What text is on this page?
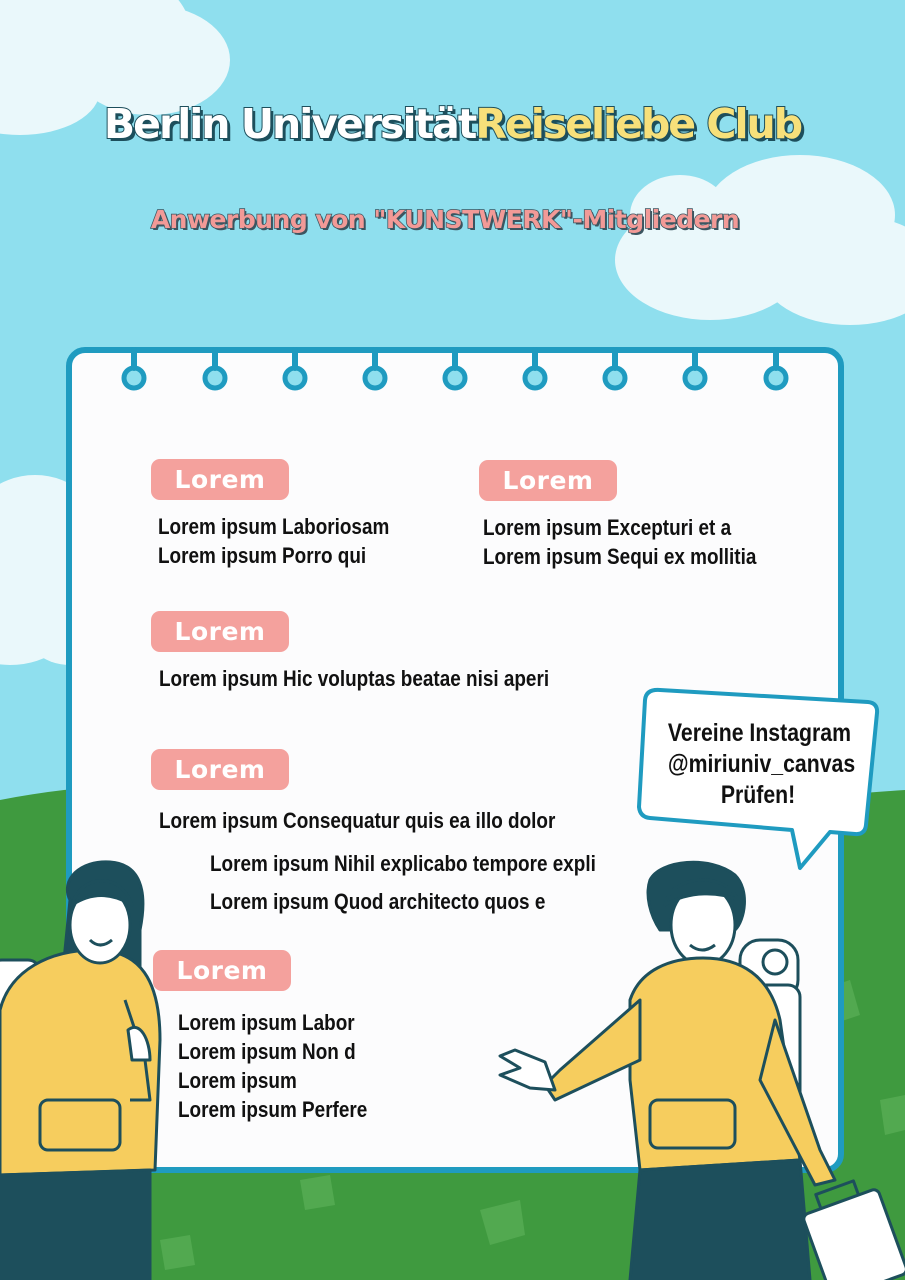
Berlin UniversitätReiseliebe Club
Anwerbung von "KUNSTWERK"-Mitgliedern
Lorem
Lorem ipsum Laboriosam
Lorem ipsum Porro qui
Lorem
Lorem ipsum Excepturi et a
Lorem ipsum Sequi ex mollitia
Lorem
Lorem ipsum Hic voluptas beatae nisi aperi
Lorem
Lorem ipsum Consequatur quis ea illo dolor
Lorem ipsum Nihil explicabo tempore expli
Lorem ipsum Quod architecto quos e
Lorem
Lorem ipsum Labor
Lorem ipsum Non d
Lorem ipsum
Lorem ipsum Perfere
Vereine Instagram
@miriuniv_canvas
Prüfen!
